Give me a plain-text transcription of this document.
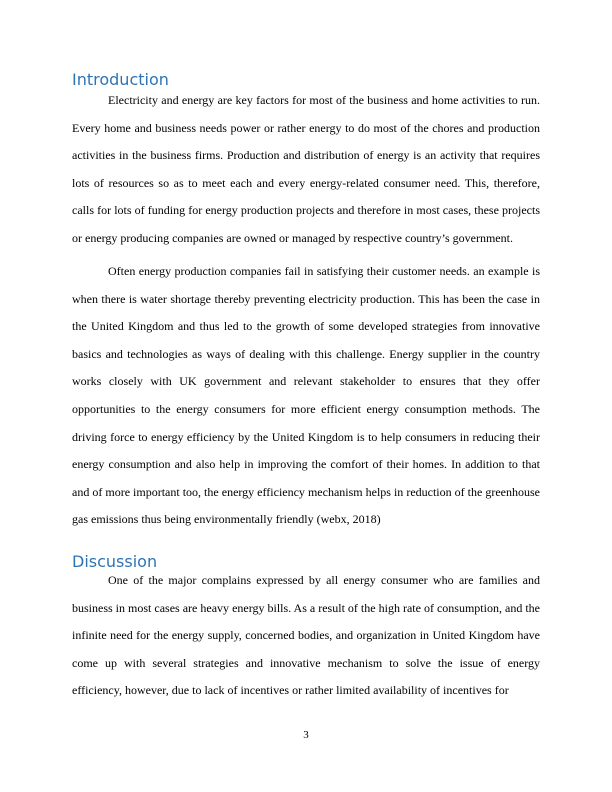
Introduction

Electricity and energy are key factors for most of the business and home activities to run. Every home and business needs power or rather energy to do most of the chores and production activities in the business firms. Production and distribution of energy is an activity that requires lots of resources so as to meet each and every energy-related consumer need. This, therefore, calls for lots of funding for energy production projects and therefore in most cases, these projects or energy producing companies are owned or managed by respective country’s government.

Often energy production companies fail in satisfying their customer needs. an example is when there is water shortage thereby preventing electricity production. This has been the case in the United Kingdom and thus led to the growth of some developed strategies from innovative basics and technologies as ways of dealing with this challenge. Energy supplier in the country works closely with UK government and relevant stakeholder to ensures that they offer opportunities to the energy consumers for more efficient energy consumption methods. The driving force to energy efficiency by the United Kingdom is to help consumers in reducing their energy consumption and also help in improving the comfort of their homes. In addition to that and of more important too, the energy efficiency mechanism helps in reduction of the greenhouse gas emissions thus being environmentally friendly (webx, 2018)

Discussion

One of the major complains expressed by all energy consumer who are families and business in most cases are heavy energy bills. As a result of the high rate of consumption, and the infinite need for the energy supply, concerned bodies, and organization in United Kingdom have come up with several strategies and innovative mechanism to solve the issue of energy efficiency, however, due to lack of incentives or rather limited availability of incentives for

3
